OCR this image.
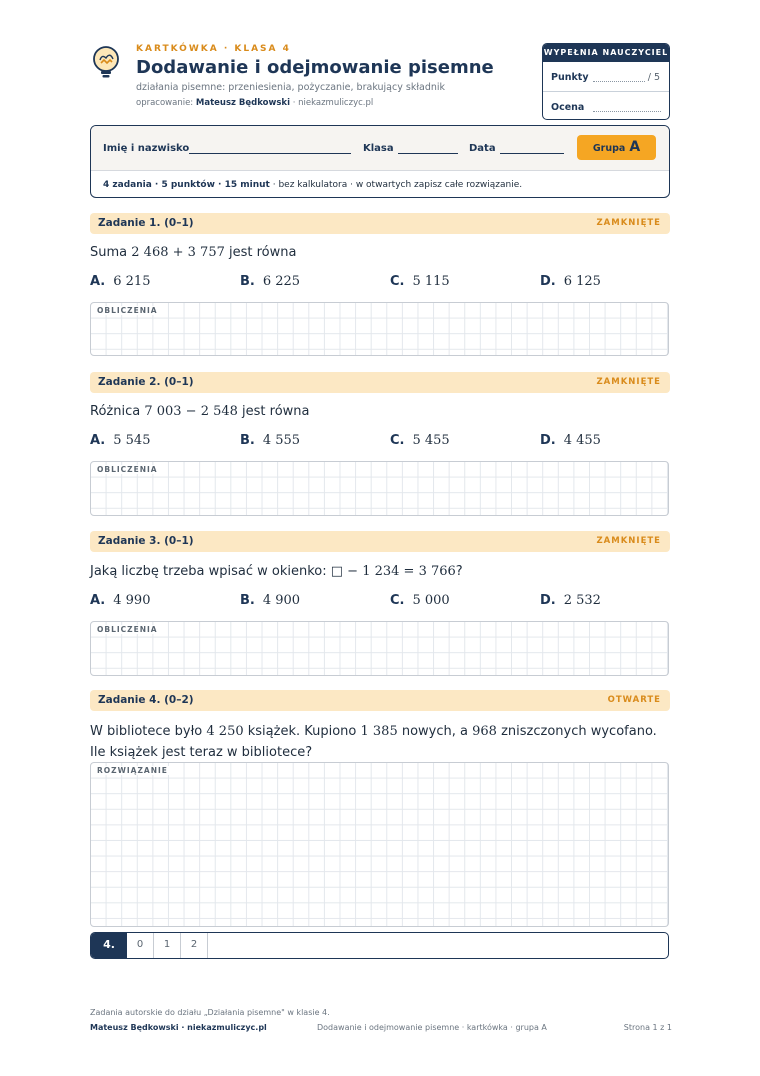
KARTKÓWKA · KLASA 4
Dodawanie i odejmowanie pisemne
działania pisemne: przeniesienia, pożyczanie, brakujący składnik
opracowanie: Mateusz Będkowski · niekazmuliczyc.pl
WYPEŁNIA NAUCZYCIEL
Punkty	/ 5
Ocena
Imię i nazwisko	Klasa	Data	Grupa A
4 zadania · 5 punktów · 15 minut · bez kalkulatora · w otwartych zapisz całe rozwiązanie.
Zadanie 1. (0–1)	ZAMKNIĘTE
Suma 2 468 + 3 757 jest równa
A. 6 215	B. 6 225	C. 5 115	D. 6 125
OBLICZENIA
Zadanie 2. (0–1)	ZAMKNIĘTE
Różnica 7 003 − 2 548 jest równa
A. 5 545	B. 4 555	C. 5 455	D. 4 455
OBLICZENIA
Zadanie 3. (0–1)	ZAMKNIĘTE
Jaką liczbę trzeba wpisać w okienko: □ − 1 234 = 3 766?
A. 4 990	B. 4 900	C. 5 000	D. 2 532
OBLICZENIA
Zadanie 4. (0–2)	OTWARTE
W bibliotece było 4 250 książek. Kupiono 1 385 nowych, a 968 zniszczonych wycofano. Ile książek jest teraz w bibliotece?
ROZWIĄZANIE
4.	0	1	2
Zadania autorskie do działu „Działania pisemne" w klasie 4.
Mateusz Będkowski · niekazmuliczyc.pl	Dodawanie i odejmowanie pisemne · kartkówka · grupa A	Strona 1 z 1
